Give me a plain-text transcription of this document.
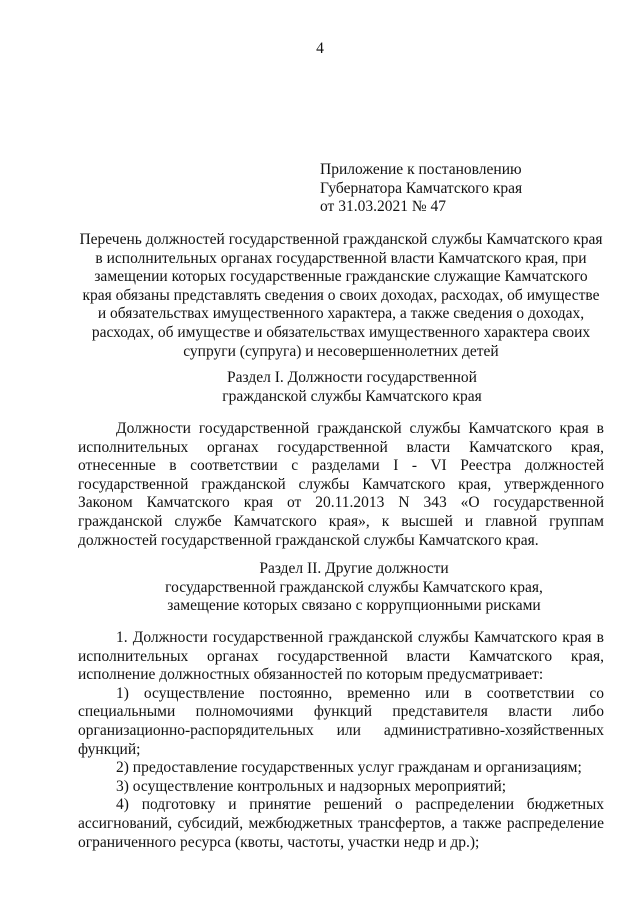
4
Приложение к постановлению
Губернатора Камчатского края
от 31.03.2021 № 47

Перечень должностей государственной гражданской службы Камчатского края в исполнительных органах государственной власти Камчатского края, при замещении которых государственные гражданские служащие Камчатского края обязаны представлять сведения о своих доходах, расходах, об имуществе и обязательствах имущественного характера, а также сведения о доходах, расходах, об имуществе и обязательствах имущественного характера своих супруги (супруга) и несовершеннолетних детей

Раздел I. Должности государственной
гражданской службы Камчатского края

Должности государственной гражданской службы Камчатского края в исполнительных органах государственной власти Камчатского края, отнесенные в соответствии с разделами I - VI Реестра должностей государственной гражданской службы Камчатского края, утвержденного Законом Камчатского края от 20.11.2013 N 343 «О государственной гражданской службе Камчатского края», к высшей и главной группам должностей государственной гражданской службы Камчатского края.

Раздел II. Другие должности
государственной гражданской службы Камчатского края,
замещение которых связано с коррупционными рисками

1. Должности государственной гражданской службы Камчатского края в исполнительных органах государственной власти Камчатского края, исполнение должностных обязанностей по которым предусматривает:

1) осуществление постоянно, временно или в соответствии со специальными полномочиями функций представителя власти либо организационно-распорядительных или административно-хозяйственных функций;

2) предоставление государственных услуг гражданам и организациям;

3) осуществление контрольных и надзорных мероприятий;

4) подготовку и принятие решений о распределении бюджетных ассигнований, субсидий, межбюджетных трансфертов, а также распределение ограниченного ресурса (квоты, частоты, участки недр и др.);
